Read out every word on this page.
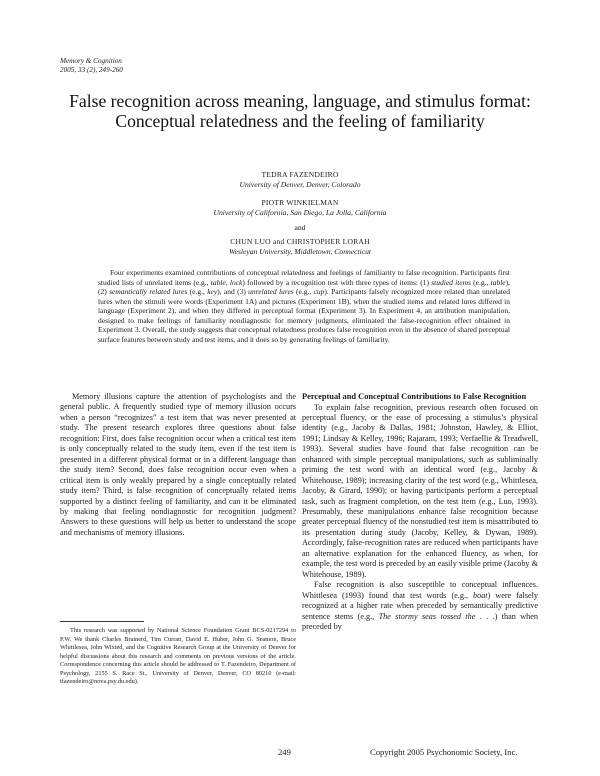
Memory & Cognition
2005, 33 (2), 249-260
False recognition across meaning, language, and stimulus format: Conceptual relatedness and the feeling of familiarity
TEDRA FAZENDEIRO
University of Denver, Denver, Colorado
PIOTR WINKIELMAN
University of California, San Diego, La Jolla, California
and
CHUN LUO and CHRISTOPHER LORAH
Wesleyan University, Middletown, Connecticut

Four experiments examined contributions of conceptual relatedness and feelings of familiarity to false recognition. Participants first studied lists of unrelated items (e.g., table, lock) followed by a recognition test with three types of items: (1) studied items (e.g., table), (2) semantically related lures (e.g., key), and (3) unrelated lures (e.g., cup). Participants falsely recognized more related than unrelated lures when the stimuli were words (Experiment 1A) and pictures (Experiment 1B), when the studied items and related lures differed in language (Experiment 2), and when they differed in perceptual format (Experiment 3). In Experiment 4, an attribution manipulation, designed to make feelings of familiarity nondiagnostic for memory judgments, eliminated the false-recognition effect obtained in Experiment 3. Overall, the study suggests that conceptual relatedness produces false recognition even in the absence of shared perceptual surface features between study and test items, and it does so by generating feelings of familiarity.

Memory illusions capture the attention of psychologists and the general public. A frequently studied type of memory illusion occurs when a person “recognizes” a test item that was never presented at study. The present research explores three questions about false recognition: First, does false recognition occur when a critical test item is only conceptually related to the study item, even if the test item is presented in a different physical format or in a different language than the study item? Second, does false recognition occur even when a critical item is only weakly prepared by a single conceptually related study item? Third, is false recognition of conceptually related items supported by a distinct feeling of familiarity, and can it be eliminated by making that feeling nondiagnostic for recognition judgment? Answers to these questions will help us better to understand the scope and mechanisms of memory illusions.

This research was supported by National Science Foundation Grant BCS-0217294 to P.W. We thank Charles Brainerd, Tim Curran, David E. Huber, John G. Seamon, Bruce Whittlesea, John Wixted, and the Cognitive Research Group at the University of Denver for helpful discussions about this research and comments on previous versions of the article. Correspondence concerning this article should be addressed to T. Fazendeiro, Department of Psychology, 2155 S. Race St., University of Denver, Denver, CO 80210 (e-mail: tfazendeiro@nova.psy.du.edu).

Perceptual and Conceptual Contributions to False Recognition

To explain false recognition, previous research often focused on perceptual fluency, or the ease of processing a stimulus’s physical identity (e.g., Jacoby & Dallas, 1981; Johnston, Hawley, & Elliot, 1991; Lindsay & Kelley, 1996; Rajaram, 1993; Verfaellie & Treadwell, 1993). Several studies have found that false recognition can be enhanced with simple perceptual manipulations, such as subliminally priming the test word with an identical word (e.g., Jacoby & Whitehouse, 1989); increasing clarity of the test word (e.g., Whittlesea, Jacoby, & Girard, 1990); or having participants perform a perceptual task, such as fragment completion, on the test item (e.g., Luo, 1993). Presumably, these manipulations enhance false recognition because greater perceptual fluency of the nonstudied test item is misattributed to its presentation during study (Jacoby, Kelley, & Dywan, 1989). Accordingly, false-recognition rates are reduced when participants have an alternative explanation for the enhanced fluency, as when, for example, the test word is preceded by an easily visible prime (Jacoby & Whitehouse, 1989).

False recognition is also susceptible to conceptual influences. Whittlesea (1993) found that test words (e.g., boat) were falsely recognized at a higher rate when preceded by semantically predictive sentence stems (e.g., The stormy seas tossed the . . .) than when preceded by

249	Copyright 2005 Psychonomic Society, Inc.
